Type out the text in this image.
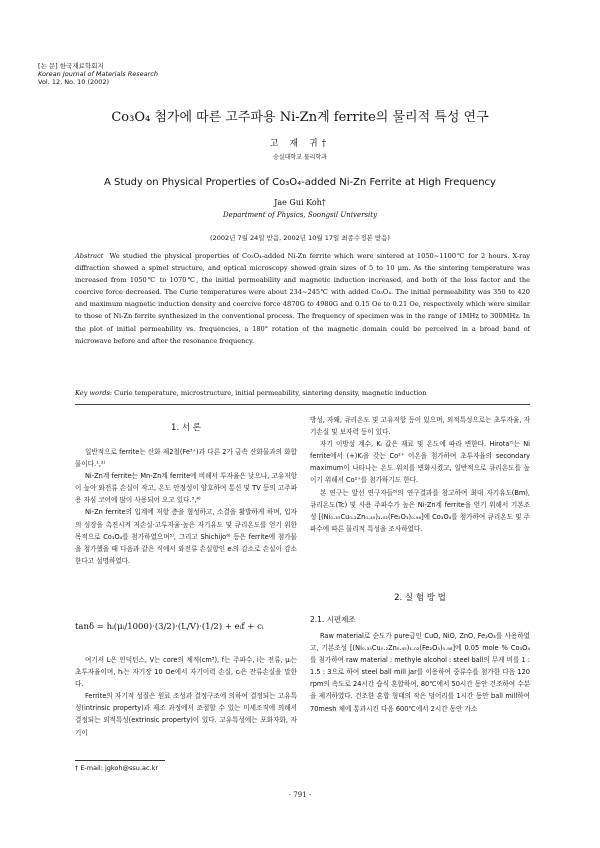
[논 문] 한국재료학회지
Korean Journal of Materials Research
Vol. 12, No. 10 (2002)
Co₃O₄ 첨가에 따른 고주파용 Ni-Zn계 ferrite의 물리적 특성 연구
고 재 귀†
숭실대학교 물리학과
A Study on Physical Properties of Co₃O₄-added Ni-Zn Ferrite at High Frequency
Jae Gui Koh†
Department of Physics, Soongsil University
(2002년 7월 24일 받음, 2002년 10월 17일 최종수정본 받음)
Abstract We studied the physical properties of Co₃O₄-added Ni-Zn ferrite which were sintered at 1050~1100℃ for 2 hours. X-ray diffraction showed a spinel structure, and optical microscopy showed grain sizes of 5 to 10 μm. As the sintering temperature was increased from 1050℃ to 1070℃, the initial permeability and magnetic induction increased, and both of the loss factor and the coercive force decreased. The Curie temperatures were about 234~245℃ with added Co₃O₄. The initial permeability was 350 to 420 and maximum magnetic induction density and coercive force 4870G to 4980G and 0.15 Oe to 0.21 Oe, respectively which were similar to those of Ni-Zn ferrite synthesized in the conventional process. The frequency of specimen was in the range of 1MHz to 300MHz. In the plot of initial permeability vs. frequencies, a 180° rotation of the magnetic domain could be perceived in a broad band of microwave before and after the resonance frequency.
Key words: Curie temperature, microstructure, initial permeability, sintering density, magnetic induction
1. 서 론

일반적으로 ferrite는 산화 제2철(Fe³⁺)과 다른 2가 금속 산화물과의 화합물이다.¹,²⁾

Ni-Zn계 ferrite는 Mn-Zn계 ferrite에 비해서 투자율은 낮으나, 고유저항이 높아 와전류 손실이 작고, 온도 안정성이 양호하여 통신 및 TV 등의 고주파용 자심 코어에 많이 사용되어 오고 있다.³,⁴⁾

Ni-Zn ferrite의 입계에 저항 층을 형성하고, 소결을 활발하게 하며, 입자의 성장을 촉진시켜 저손실·고투자율·높은 자기유도 및 큐리온도를 얻기 위한 목적으로 Co₃O₄를 첨가하였으며⁵⁾, 그리고 Shichijo⁶⁾ 등은 ferrite에 첨가물을 첨가했을 때 다음과 같은 식에서 와전류 손실항인 eᵢ의 감소로 손실이 감소한다고 설명하였다.

tanδ = hᵢ(μᵢ/1000)·(3/2)·(L/V)·(1/2) + eᵢf + cᵢ

여기서 L은 인덕턴스, V는 core의 체적(cm³), f는 주파수, i는 전류, μᵢ는 초투자율이며, hᵢ는 자기장 10 Oe에서 자기이력 손실, cᵢ은 잔류손실을 말한다.

Ferrite의 자기적 성질은 원료 조성과 결정구조에 의하여 결정되는 고유특성(intrinsic property)과 제조 과정에서 조절할 수 있는 미세조직에 의해서 결정되는 외적특성(extrinsic property)이 있다. 고유특성에는 포화자화, 자기이

방성, 자왜, 큐리온도 및 고유저항 등이 있으며, 외적특성으로는 초투자율, 자기손실 및 보자력 등이 있다.

자기 이방성 계수, Kᵢ 값은 재료 및 온도에 따라 변한다. Hirota⁷⁾는 Ni ferrite에서 (+)Kᵢ을 갖는 Co²⁺ 이온을 첨가하여 초투자율의 secondary maximum이 나타나는 온도 위치를 변화시켰고, 일반적으로 큐리온도를 높이기 위해서 Co²⁺를 첨가하기도 한다.

본 연구는 앞선 연구자들⁸⁾의 연구결과를 참고하여 최대 자기유도(Bm), 큐리온도(Tc) 및 사용 주파수가 높은 Ni-Zn계 ferrite을 얻기 위해서 기본조성 [(Ni₀.₃₅Cu₀.₂Zn₀.₄₅)₁.₀₂(Fe₂O₃)₀.₉₈]에 Co₃O₄를 첨가하여 큐리온도 및 주파수에 따른 물리적 특성을 조사하였다.

2. 실 험 방 법
2.1. 시편제조

Raw material로 순도가 pure급인 CuO, NiO, ZnO, Fe₂O₃를 사용하였고, 기본조성 [(Ni₀.₃₅Cu₀.₂Zn₀.₄₅)₁.₀₂(Fe₂O₃)₀.₉₈]에 0.05 mole % Co₃O₄를 첨가하여 raw material : methyle alcohol : steel ball의 무게 비를 1 : 1.5 : 3으로 하여 steel ball mill jar를 이용하여 중류수를 첨가한 다음 120 rpm의 속도로 24시간 습식 혼합하여, 80℃에서 50시간 동안 건조하여 수분을 제거하였다. 건조한 혼합 형태의 작은 덩어리를 1시간 동안 ball mill하여 70mesh 체에 통과시킨 다음 600℃에서 2시간 동안 가소

† E-mail: jgkoh@ssu.ac.kr
- 791 -
